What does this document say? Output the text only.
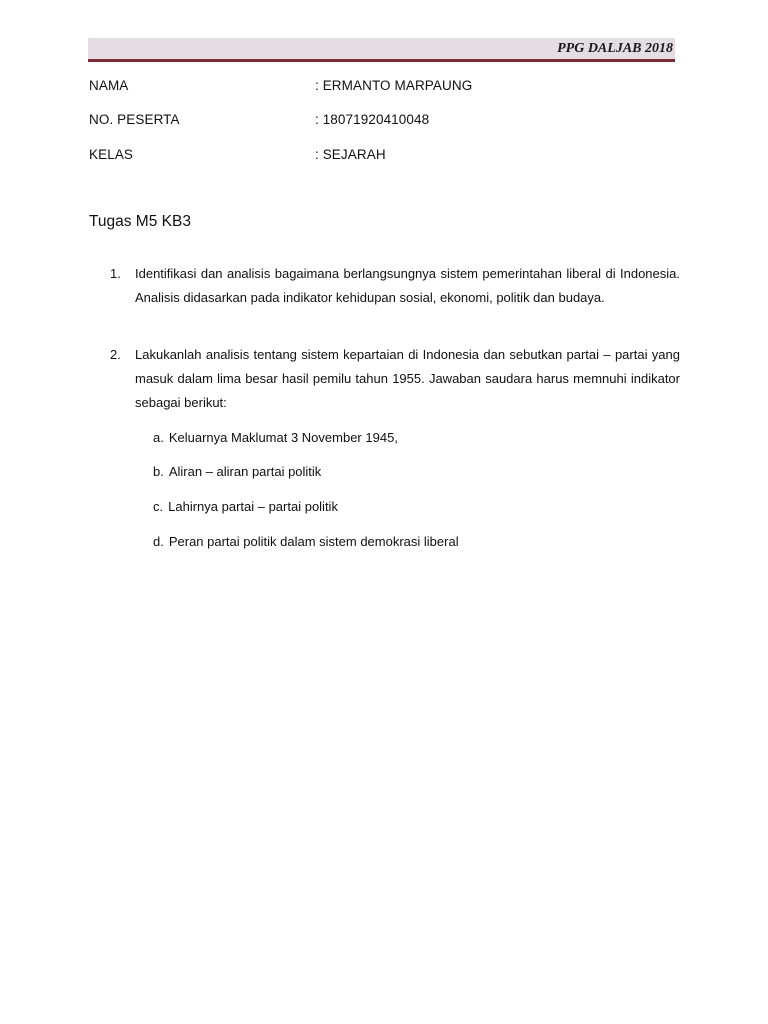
PPG DALJAB 2018
NAMA	: ERMANTO MARPAUNG
NO. PESERTA	: 18071920410048
KELAS	: SEJARAH
Tugas M5 KB3
1. Identifikasi dan analisis bagaimana berlangsungnya sistem pemerintahan liberal di Indonesia. Analisis didasarkan pada indikator kehidupan sosial, ekonomi, politik dan budaya.
2. Lakukanlah analisis tentang sistem kepartaian di Indonesia dan sebutkan partai – partai yang masuk dalam lima besar hasil pemilu tahun 1955. Jawaban saudara harus memnuhi indikator sebagai berikut:
a. Keluarnya Maklumat 3 November 1945,
b. Aliran – aliran partai politik
c. Lahirnya partai – partai politik
d. Peran partai politik dalam sistem demokrasi liberal
